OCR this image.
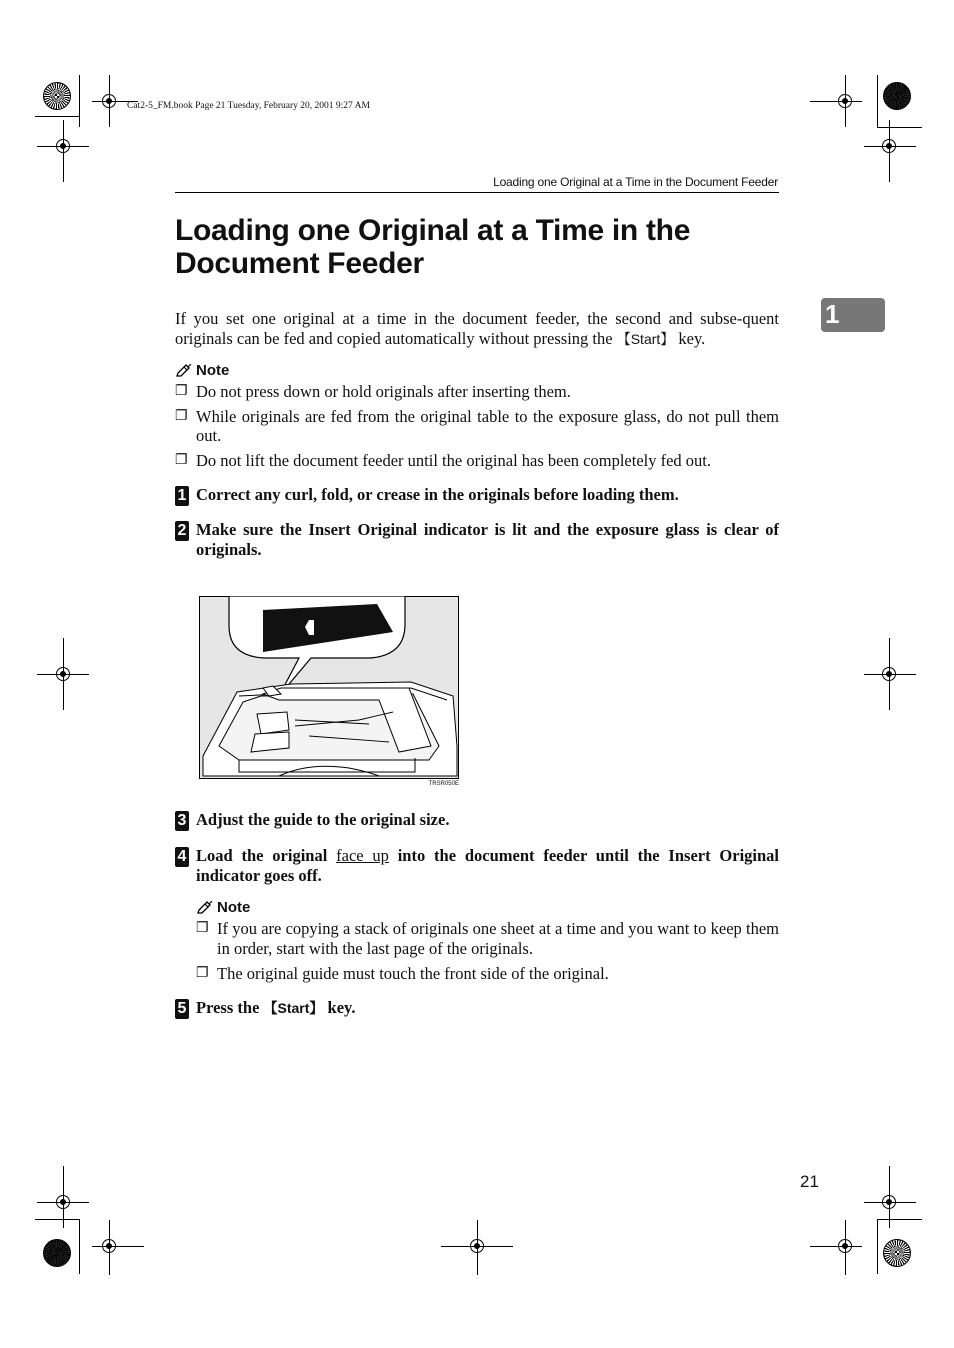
Cat2-5_FM.book Page 21 Tuesday, February 20, 2001 9:27 AM
Loading one Original at a Time in the Document Feeder
1
Loading one Original at a Time in the Document Feeder

If you set one original at a time in the document feeder, the second and subse-quent originals can be fed and copied automatically without pressing the 【Start】 key.

Note
❐ Do not press down or hold originals after inserting them.
❐ While originals are fed from the original table to the exposure glass, do not pull them out.
❐ Do not lift the document feeder until the original has been completely fed out.
1 Correct any curl, fold, or crease in the originals before loading them.
2 Make sure the Insert Original indicator is lit and the exposure glass is clear of originals.
TRSR050E
3 Adjust the guide to the original size.
4 Load the original face up into the document feeder until the Insert Original indicator goes off.
Note
❐ If you are copying a stack of originals one sheet at a time and you want to keep them in order, start with the last page of the originals.
❐ The original guide must touch the front side of the original.
5 Press the 【Start】 key.
21
